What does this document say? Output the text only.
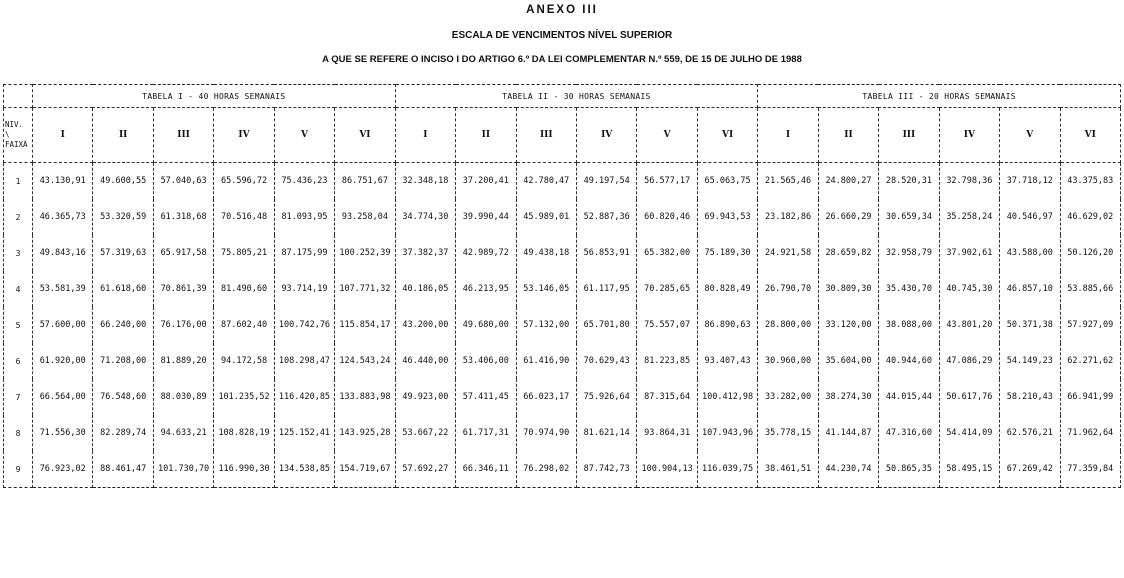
ANEXO III
ESCALA DE VENCIMENTOS NÍVEL SUPERIOR
A QUE SE REFERE O INCISO I DO ARTIGO 6.º DA LEI COMPLEMENTAR N.º 559, DE 15 DE JULHO DE 1988
	TABELA I - 40 HORAS SEMANAIS						TABELA II - 30 HORAS SEMANAIS						TABELA III - 20 HORAS SEMANAIS					

NIV.
\
FAIXA	I	II	III	IV	V	VI	I	II	III	IV	V	VI	I	II	III	IV	V	VI
1	43.130,91	49.600,55	57.040,63	65.596,72	75.436,23	86.751,67	32.348,18	37.200,41	42.780,47	49.197,54	56.577,17	65.063,75	21.565,46	24.800,27	28.520,31	32.798,36	37.718,12	43.375,83
2	46.365,73	53.320,59	61.318,68	70.516,48	81.093,95	93.258,04	34.774,30	39.990,44	45.989,01	52.887,36	60.820,46	69.943,53	23.182,86	26.660,29	30.659,34	35.258,24	40.546,97	46.629,02
3	49.843,16	57.319,63	65.917,58	75.805,21	87.175,99	100.252,39	37.382,37	42.989,72	49.438,18	56.853,91	65.382,00	75.189,30	24.921,58	28.659,82	32.958,79	37.902,61	43.588,00	50.126,20
4	53.581,39	61.618,60	70.861,39	81.490,60	93.714,19	107.771,32	40.186,05	46.213,95	53.146,05	61.117,95	70.285,65	80.828,49	26.790,70	30.809,30	35.430,70	40.745,30	46.857,10	53.885,66
5	57.600,00	66.240,00	76.176,00	87.602,40	100.742,76	115.854,17	43.200,00	49.680,00	57.132,00	65.701,80	75.557,07	86.890,63	28.800,00	33.120,00	38.088,00	43.801,20	50.371,38	57.927,09
6	61.920,00	71.208,00	81.889,20	94.172,58	108.298,47	124.543,24	46.440,00	53.406,00	61.416,90	70.629,43	81.223,85	93.407,43	30.960,00	35.604,00	40.944,60	47.086,29	54.149,23	62.271,62
7	66.564,00	76.548,60	88.030,89	101.235,52	116.420,85	133.883,98	49.923,00	57.411,45	66.023,17	75.926,64	87.315,64	100.412,98	33.282,00	38.274,30	44.015,44	50.617,76	58.210,43	66.941,99
8	71.556,30	82.289,74	94.633,21	108.828,19	125.152,41	143.925,28	53.667,22	61.717,31	70.974,90	81.621,14	93.864,31	107.943,96	35.778,15	41.144,87	47.316,60	54.414,09	62.576,21	71.962,64
9	76.923,02	88.461,47	101.730,70	116.990,30	134.538,85	154.719,67	57.692,27	66.346,11	76.298,02	87.742,73	100.904,13	116.039,75	38.461,51	44.230,74	50.865,35	58.495,15	67.269,42	77.359,84
